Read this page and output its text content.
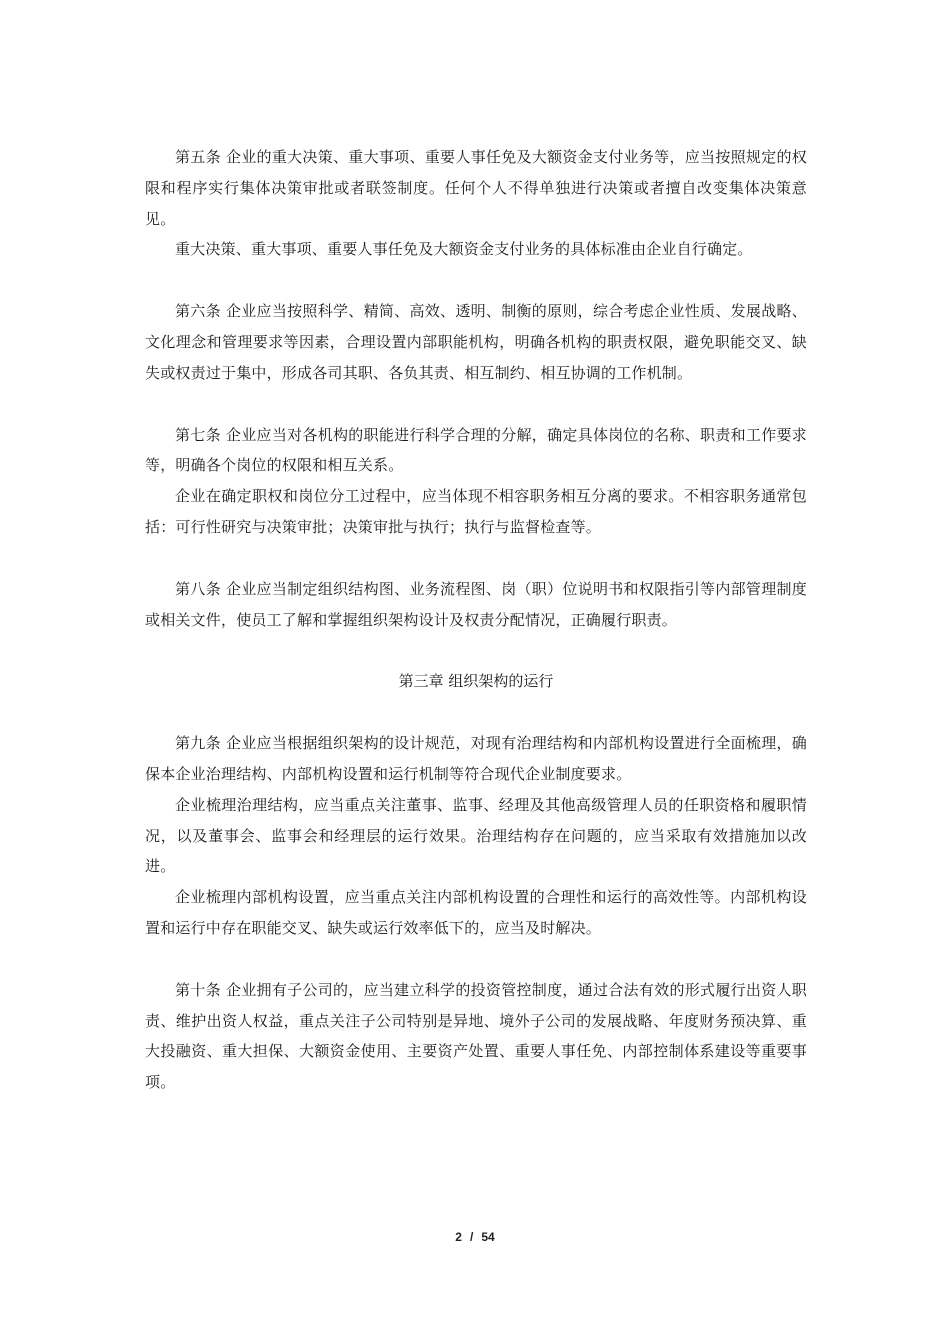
第五条 企业的重大决策、重大事项、重要人事任免及大额资金支付业务等，应当按照规定的权限和程序实行集体决策审批或者联签制度。任何个人不得单独进行决策或者擅自改变集体决策意见。

重大决策、重大事项、重要人事任免及大额资金支付业务的具体标准由企业自行确定。

第六条 企业应当按照科学、精简、高效、透明、制衡的原则，综合考虑企业性质、发展战略、文化理念和管理要求等因素，合理设置内部职能机构，明确各机构的职责权限，避免职能交叉、缺失或权责过于集中，形成各司其职、各负其责、相互制约、相互协调的工作机制。

第七条 企业应当对各机构的职能进行科学合理的分解，确定具体岗位的名称、职责和工作要求等，明确各个岗位的权限和相互关系。

企业在确定职权和岗位分工过程中，应当体现不相容职务相互分离的要求。不相容职务通常包括：可行性研究与决策审批；决策审批与执行；执行与监督检查等。

第八条 企业应当制定组织结构图、业务流程图、岗（职）位说明书和权限指引等内部管理制度或相关文件，使员工了解和掌握组织架构设计及权责分配情况，正确履行职责。

第三章 组织架构的运行

第九条 企业应当根据组织架构的设计规范，对现有治理结构和内部机构设置进行全面梳理，确保本企业治理结构、内部机构设置和运行机制等符合现代企业制度要求。

企业梳理治理结构，应当重点关注董事、监事、经理及其他高级管理人员的任职资格和履职情况，以及董事会、监事会和经理层的运行效果。治理结构存在问题的，应当采取有效措施加以改进。

企业梳理内部机构设置，应当重点关注内部机构设置的合理性和运行的高效性等。内部机构设置和运行中存在职能交叉、缺失或运行效率低下的，应当及时解决。

第十条 企业拥有子公司的，应当建立科学的投资管控制度，通过合法有效的形式履行出资人职责、维护出资人权益，重点关注子公司特别是异地、境外子公司的发展战略、年度财务预决算、重大投融资、重大担保、大额资金使用、主要资产处置、重要人事任免、内部控制体系建设等重要事项。

2 / 54
